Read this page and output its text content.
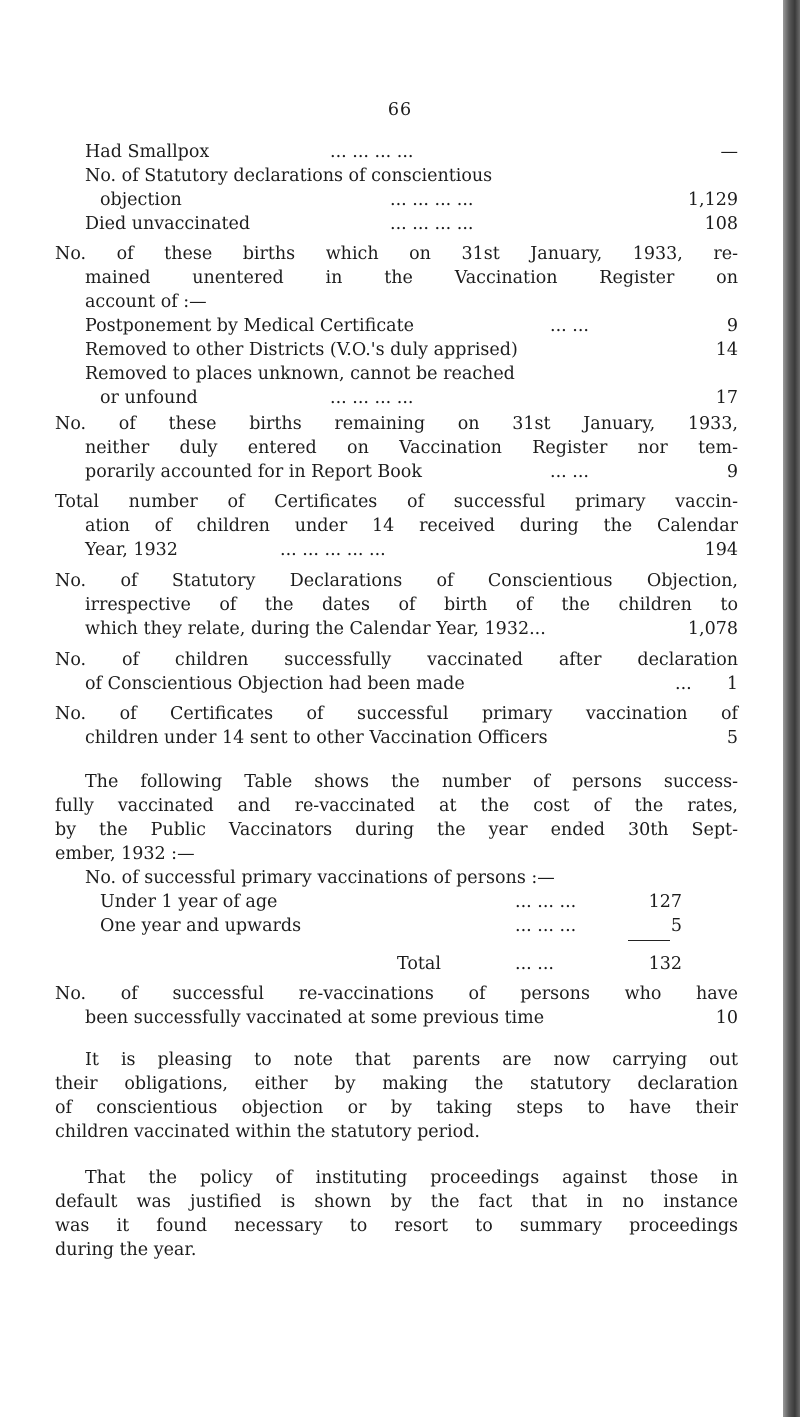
66
Had Smallpox	... ... ... ...	—
No. of Statutory declarations of conscientious
objection	... ... ... ...	1,129
Died unvaccinated	... ... ... ...	108
No. of these births which on 31st January, 1933, re-
mained unentered in the Vaccination Register on
account of :—
Postponement by Medical Certificate	... ...	9
Removed to other Districts (V.O.'s duly apprised)	14
Removed to places unknown, cannot be reached
or unfound	... ... ... ...	17
No. of these births remaining on 31st January, 1933,
neither duly entered on Vaccination Register nor tem-
porarily accounted for in Report Book	... ...	9
Total number of Certificates of successful primary vaccin-
ation of children under 14 received during the Calendar
Year, 1932	... ... ... ... ...	194
No. of Statutory Declarations of Conscientious Objection,
irrespective of the dates of birth of the children to
which they relate, during the Calendar Year, 1932...	1,078
No. of children successfully vaccinated after declaration
of Conscientious Objection had been made	... 1
No. of Certificates of successful primary vaccination of
children under 14 sent to other Vaccination Officers	5
The following Table shows the number of persons success-
fully vaccinated and re-vaccinated at the cost of the rates,
by the Public Vaccinators during the year ended 30th Sept-
ember, 1932 :—
No. of successful primary vaccinations of persons :—
Under 1 year of age	... ... ...	127
One year and upwards	... ... ...	5
Total	... ...	132
No. of successful re-vaccinations of persons who have
been successfully vaccinated at some previous time	10
It is pleasing to note that parents are now carrying out
their obligations, either by making the statutory declaration
of conscientious objection or by taking steps to have their
children vaccinated within the statutory period.
That the policy of instituting proceedings against those in
default was justified is shown by the fact that in no instance
was it found necessary to resort to summary proceedings
during the year.
